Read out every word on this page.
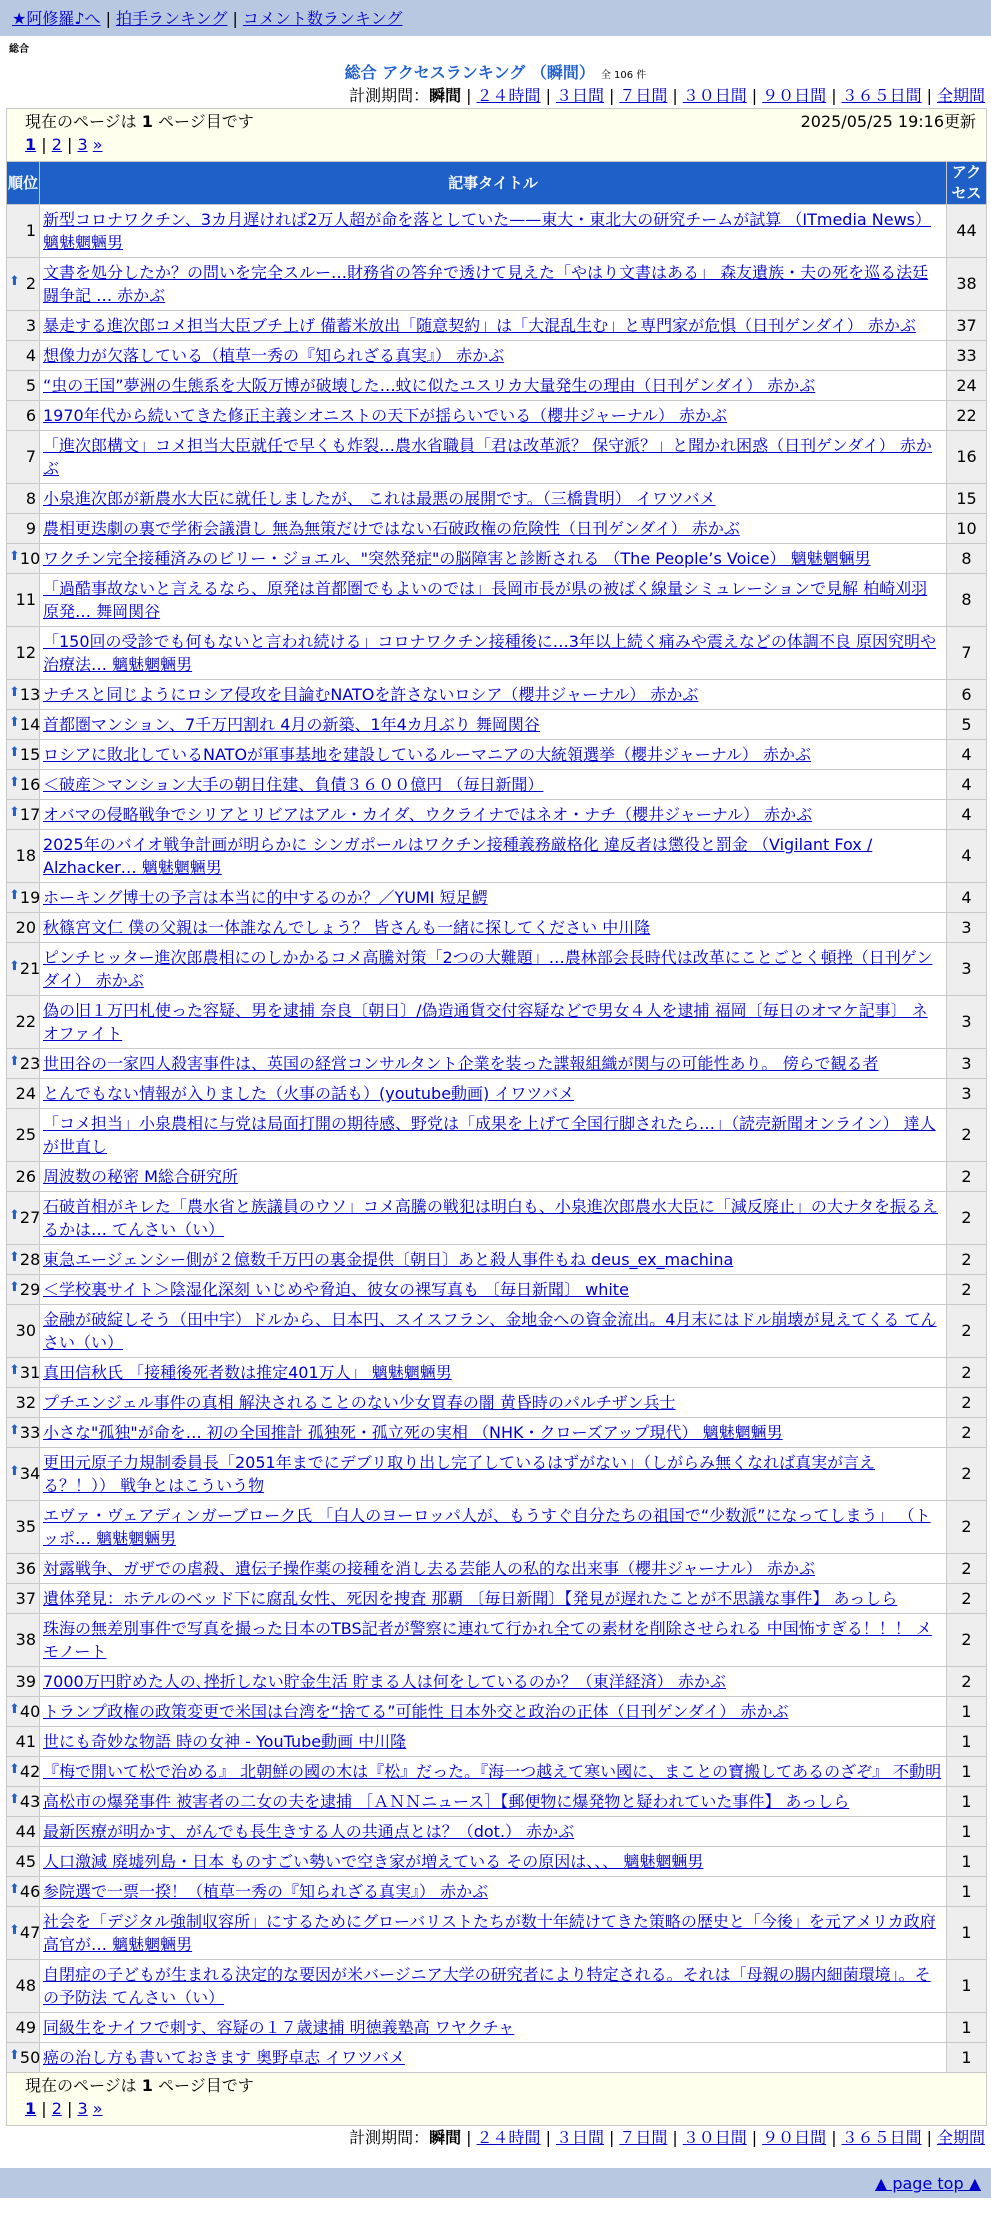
★阿修羅♪へ | 拍手ランキング | コメント数ランキング
総合
総合 アクセスランキング （瞬間） 全 106 件
計測期間：瞬間 | ２４時間 | ３日間 | ７日間 | ３０日間 | ９０日間 | ３６５日間 | 全期間
現在のページは 1 ページ目です 2025/05/25 19:16更新
1 | 2 | 3 »		

順位	記事タイトル	アクセス
1	新型コロナワクチン、3カ月遅ければ2万人超が命を落としていた——東大・東北大の研究チームが試算 （ITmedia News） 魑魅魍魎男	44

⬆ 2	文書を処分したか？の問いを完全スルー…財務省の答弁で透けて見えた「やはり文書はある」 森友遺族・夫の死を巡る法廷闘争記 … 赤かぶ	38
3	暴走する進次郎コメ担当大臣ブチ上げ 備蓄米放出「随意契約」は「大混乱生む」と専門家が危惧（日刊ゲンダイ） 赤かぶ	37
4	想像力が欠落している（植草一秀の『知られざる真実』） 赤かぶ	33
5	“虫の王国”夢洲の生態系を大阪万博が破壊した…蚊に似たユスリカ大量発生の理由（日刊ゲンダイ） 赤かぶ	24
6	1970年代から続いてきた修正主義シオニストの天下が揺らいでいる（櫻井ジャーナル） 赤かぶ	22
7	「進次郎構文」コメ担当大臣就任で早くも炸裂…農水省職員「君は改革派？ 保守派？」と聞かれ困惑（日刊ゲンダイ） 赤かぶ	16
8	小泉進次郎が新農水大臣に就任しましたが、 これは最悪の展開です。（三橋貴明） イワツバメ	15
9	農相更迭劇の裏で学術会議潰し 無為無策だけではない石破政権の危険性（日刊ゲンダイ） 赤かぶ	10

⬆ 10	ワクチン完全接種済みのビリー・ジョエル、"突然発症"の脳障害と診断される （The People’s Voice） 魑魅魍魎男	8
11	「過酷事故ないと言えるなら、原発は首都圏でもよいのでは」長岡市長が県の被ばく線量シミュレーションで見解 柏崎刈羽原発… 舞岡関谷	8
12	「150回の受診でも何もないと言われ続ける」コロナワクチン接種後に…3年以上続く痛みや震えなどの体調不良 原因究明や治療法… 魑魅魍魎男	7

⬆ 13	ナチスと同じようにロシア侵攻を目論むNATOを許さないロシア（櫻井ジャーナル） 赤かぶ	6

⬆ 14	首都圏マンション、7千万円割れ 4月の新築、1年4カ月ぶり 舞岡関谷	5

⬆ 15	ロシアに敗北しているNATOが軍事基地を建設しているルーマニアの大統領選挙（櫻井ジャーナル） 赤かぶ	4

⬆ 16	＜破産＞マンション大手の朝日住建、負債３６００億円 （毎日新聞）	4

⬆ 17	オバマの侵略戦争でシリアとリビアはアル・カイダ、ウクライナではネオ・ナチ（櫻井ジャーナル） 赤かぶ	4
18	2025年のバイオ戦争計画が明らかに シンガポールはワクチン接種義務厳格化 違反者は懲役と罰金 （Vigilant Fox / Alzhacker… 魑魅魍魎男	4

⬆ 19	ホーキング博士の予言は本当に的中するのか？／YUMI 短足鰐	4
20	秋篠宮文仁 僕の父親は一体誰なんでしょう？ 皆さんも一緒に探してください 中川隆	3

⬆ 21	ピンチヒッター進次郎農相にのしかかるコメ高騰対策「2つの大難題」…農林部会長時代は改革にことごとく頓挫（日刊ゲンダイ） 赤かぶ	3
22	偽の旧１万円札使った容疑、男を逮捕 奈良〔朝日〕/偽造通貨交付容疑などで男女４人を逮捕 福岡〔毎日のオマケ記事〕 ネオファイト	3

⬆ 23	世田谷の一家四人殺害事件は、英国の経営コンサルタント企業を装った諜報組織が関与の可能性あり。 傍らで観る者	3
24	とんでもない情報が入りました（火事の話も）(youtube動画) イワツバメ	3
25	「コメ担当」小泉農相に与党は局面打開の期待感、野党は「成果を上げて全国行脚されたら…」（読売新聞オンライン） 達人が世直し	2
26	周波数の秘密 M総合研究所	2

⬆ 27	石破首相がキレた「農水省と族議員のウソ」コメ高騰の戦犯は明白も、小泉進次郎農水大臣に「減反廃止」の大ナタを振るえるかは… てんさい（い）	2

⬆ 28	東急エージェンシー側が２億数千万円の裏金提供〔朝日〕あと殺人事件もね deus_ex_machina	2

⬆ 29	＜学校裏サイト＞陰湿化深刻 いじめや脅迫、彼女の裸写真も 〔毎日新聞〕 white	2
30	金融が破綻しそう（田中宇）ドルから、日本円、スイスフラン、金地金への資金流出。4月末にはドル崩壊が見えてくる てんさい（い）	2

⬆ 31	真田信秋氏 「接種後死者数は推定401万人」 魑魅魍魎男	2
32	プチエンジェル事件の真相 解決されることのない少女買春の闇 黄昏時のパルチザン兵士	2

⬆ 33	小さな"孤独"が命を… 初の全国推計 孤独死・孤立死の実相 （NHK・クローズアップ現代） 魑魅魍魎男	2

⬆ 34	更田元原子力規制委員長「2051年までにデブリ取り出し完了しているはずがない」（しがらみ無くなれば真実が言える？！）） 戦争とはこういう物	2
35	エヴァ・ヴェアディンガーブローク氏 「白人のヨーロッパ人が、もうすぐ自分たちの祖国で“少数派”になってしまう」 （トッポ… 魑魅魍魎男	2
36	対露戦争、ガザでの虐殺、遺伝子操作薬の接種を消し去る芸能人の私的な出来事（櫻井ジャーナル） 赤かぶ	2
37	遺体発見：ホテルのベッド下に腐乱女性、死因を捜査 那覇 〔毎日新聞〕【発見が遅れたことが不思議な事件】 あっしら	2
38	珠海の無差別事件で写真を撮った日本のTBS記者が警察に連れて行かれ全ての素材を削除させられる 中国怖すぎる！！！ メモノート	2
39	7000万円貯めた人の､挫折しない貯金生活 貯まる人は何をしているのか？（東洋経済） 赤かぶ	2

⬆ 40	トランプ政権の政策変更で米国は台湾を“捨てる”可能性 日本外交と政治の正体（日刊ゲンダイ） 赤かぶ	1
41	世にも奇妙な物語 時の女神 - YouTube動画 中川隆	1

⬆ 42	『梅で開いて松で治める』 北朝鮮の國の木は『松』だった。『海一つ越えて寒い國に、まことの寶搬してあるのざぞ』 不動明	1

⬆ 43	高松市の爆発事件 被害者の二女の夫を逮捕 ［ＡＮＮニュース］【郵便物に爆発物と疑われていた事件】 あっしら	1
44	最新医療が明かす、がんでも長生きする人の共通点とは？（dot.） 赤かぶ	1
45	人口激減 廃墟列島・日本 ものすごい勢いで空き家が増えている その原因は、、、 魑魅魍魎男	1

⬆ 46	参院選で一票一揆！（植草一秀の『知られざる真実』） 赤かぶ	1

⬆ 47	社会を「デジタル強制収容所」にするためにグローバリストたちが数十年続けてきた策略の歴史と「今後」を元アメリカ政府高官が… 魑魅魍魎男	1
48	自閉症の子どもが生まれる決定的な要因が米バージニア大学の研究者により特定される。それは「母親の腸内細菌環境」。その予防法 てんさい（い）	1
49	同級生をナイフで刺す、容疑の１７歳逮捕 明徳義塾高 ワヤクチャ	1

⬆ 50	癌の治し方も書いておきます 奥野卓志 イワツバメ	1

現在のページは 1 ページ目です
1 | 2 | 3 »		
計測期間：瞬間 | ２４時間 | ３日間 | ７日間 | ３０日間 | ９０日間 | ３６５日間 | 全期間
▲ page top ▲
